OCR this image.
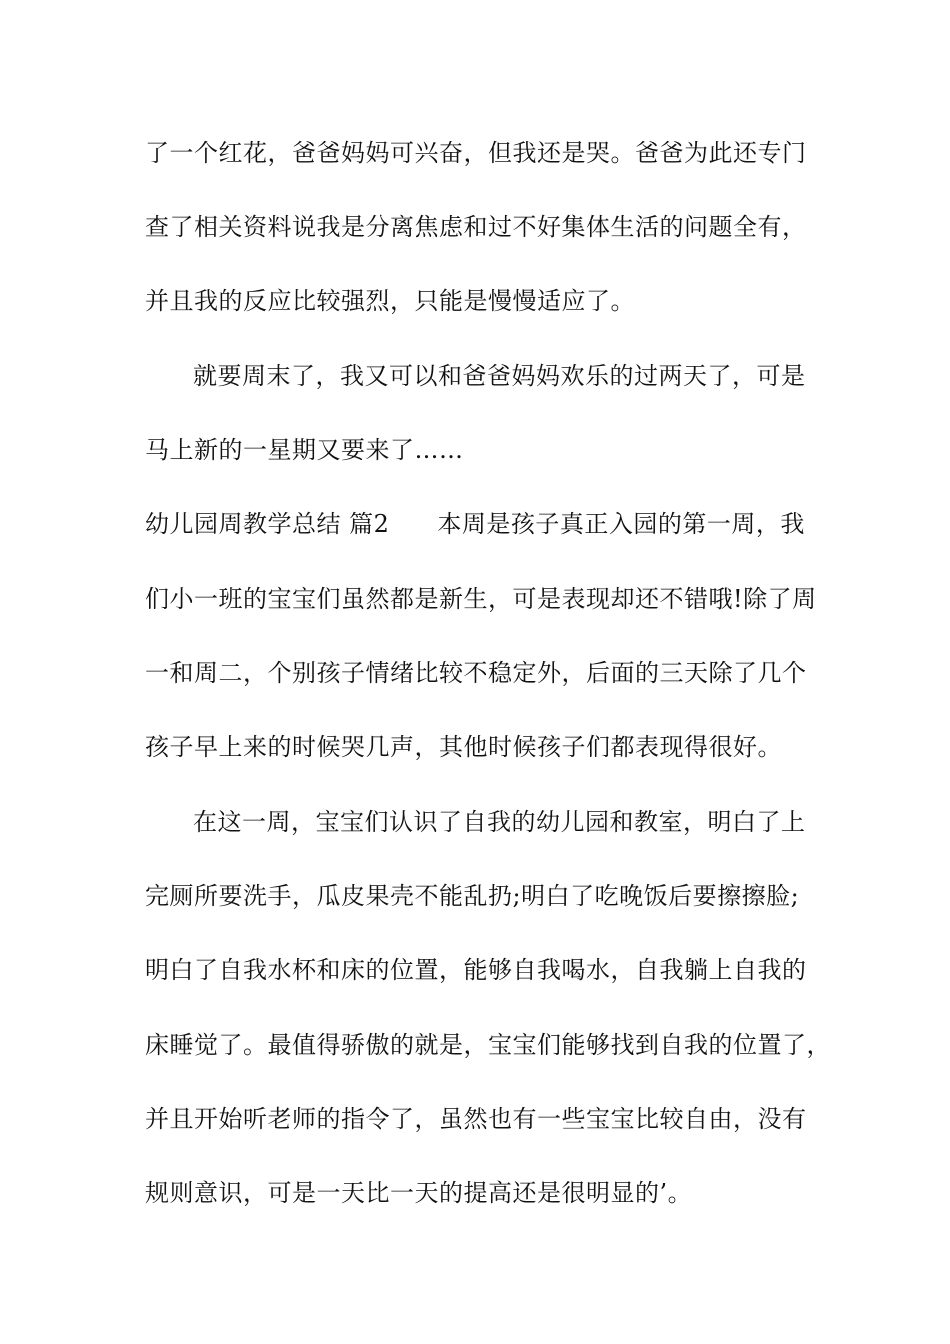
了一个红花，爸爸妈妈可兴奋，但我还是哭。爸爸为此还专门
查了相关资料说我是分离焦虑和过不好集体生活的问题全有，
并且我的反应比较强烈，只能是慢慢适应了。
就要周末了，我又可以和爸爸妈妈欢乐的过两天了，可是
马上新的一星期又要来了……
幼儿园周教学总结 篇2 本周是孩子真正入园的第一周，我
们小一班的宝宝们虽然都是新生，可是表现却还不错哦!除了周
一和周二，个别孩子情绪比较不稳定外，后面的三天除了几个
孩子早上来的时候哭几声，其他时候孩子们都表现得很好。
在这一周，宝宝们认识了自我的幼儿园和教室，明白了上
完厕所要洗手，瓜皮果壳不能乱扔;明白了吃晚饭后要擦擦脸;
明白了自我水杯和床的位置，能够自我喝水，自我躺上自我的
床睡觉了。最值得骄傲的就是，宝宝们能够找到自我的位置了，
并且开始听老师的指令了，虽然也有一些宝宝比较自由，没有
规则意识，可是一天比一天的提高还是很明显的’。
